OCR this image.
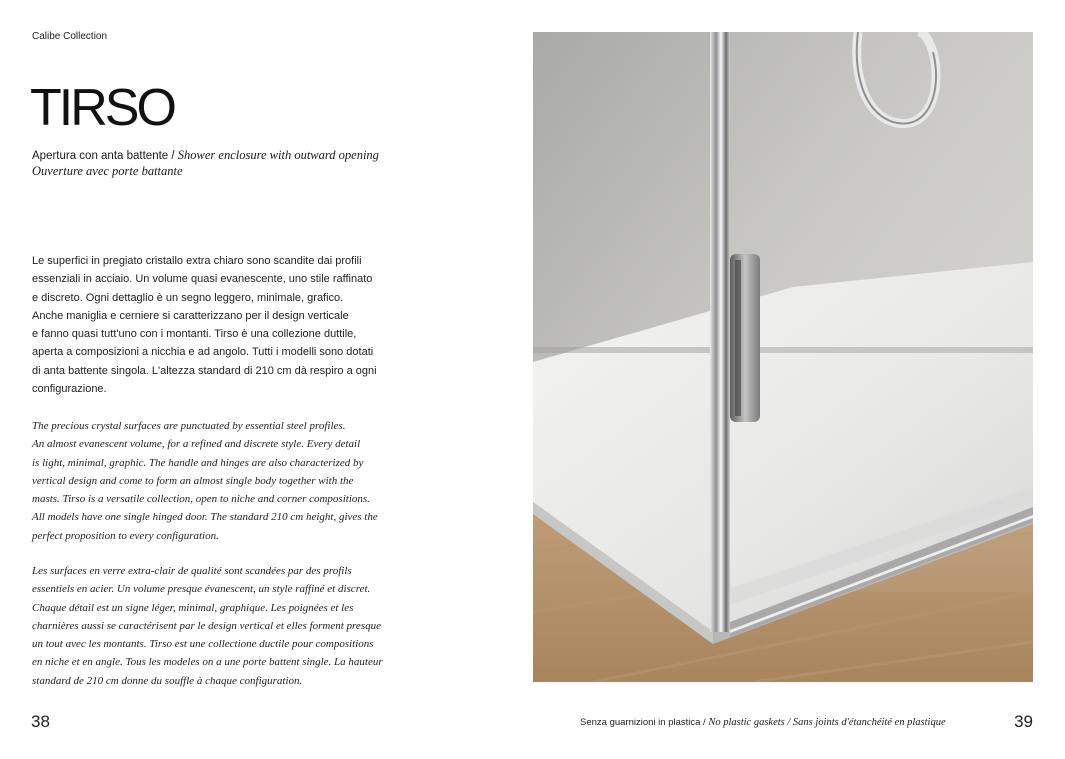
Calibe Collection
TIRSO
Apertura con anta battente / Shower enclosure with outward opening
Ouverture avec porte battante
Le superfici in pregiato cristallo extra chiaro sono scandite dai profili
essenziali in acciaio. Un volume quasi evanescente, uno stile raffinato
e discreto. Ogni dettaglio è un segno leggero, minimale, grafico.
Anche maniglia e cerniere si caratterizzano per il design verticale
e fanno quasi tutt'uno con i montanti. Tirso è una collezione duttile,
aperta a composizioni a nicchia e ad angolo. Tutti i modelli sono dotati
di anta battente singola. L'altezza standard di 210 cm dà respiro a ogni
configurazione.
The precious crystal surfaces are punctuated by essential steel profiles.
An almost evanescent volume, for a refined and discrete style. Every detail
is light, minimal, graphic. The handle and hinges are also characterized by
vertical design and come to form an almost single body together with the
masts. Tirso is a versatile collection, open to niche and corner compositions.
All models have one single hinged door. The standard 210 cm height, gives the
perfect proposition to every configuration.
Les surfaces en verre extra-clair de qualité sont scandées par des profils
essentiels en acier. Un volume presque évanescent, un style raffiné et discret.
Chaque détail est un signe léger, minimal, graphique. Les poignées et les
charnières aussi se caractérisent par le design vertical et elles forment presque
un tout avec les montants. Tirso est une collectione ductile pour compositions
en niche et en angle. Tous les modeles on a une porte battent single. La hauteur
standard de 210 cm donne du souffle à chaque configuration.
38	Senza guarnizioni in plastica / No plastic gaskets / Sans joints d'étanchéité en plastique	39
